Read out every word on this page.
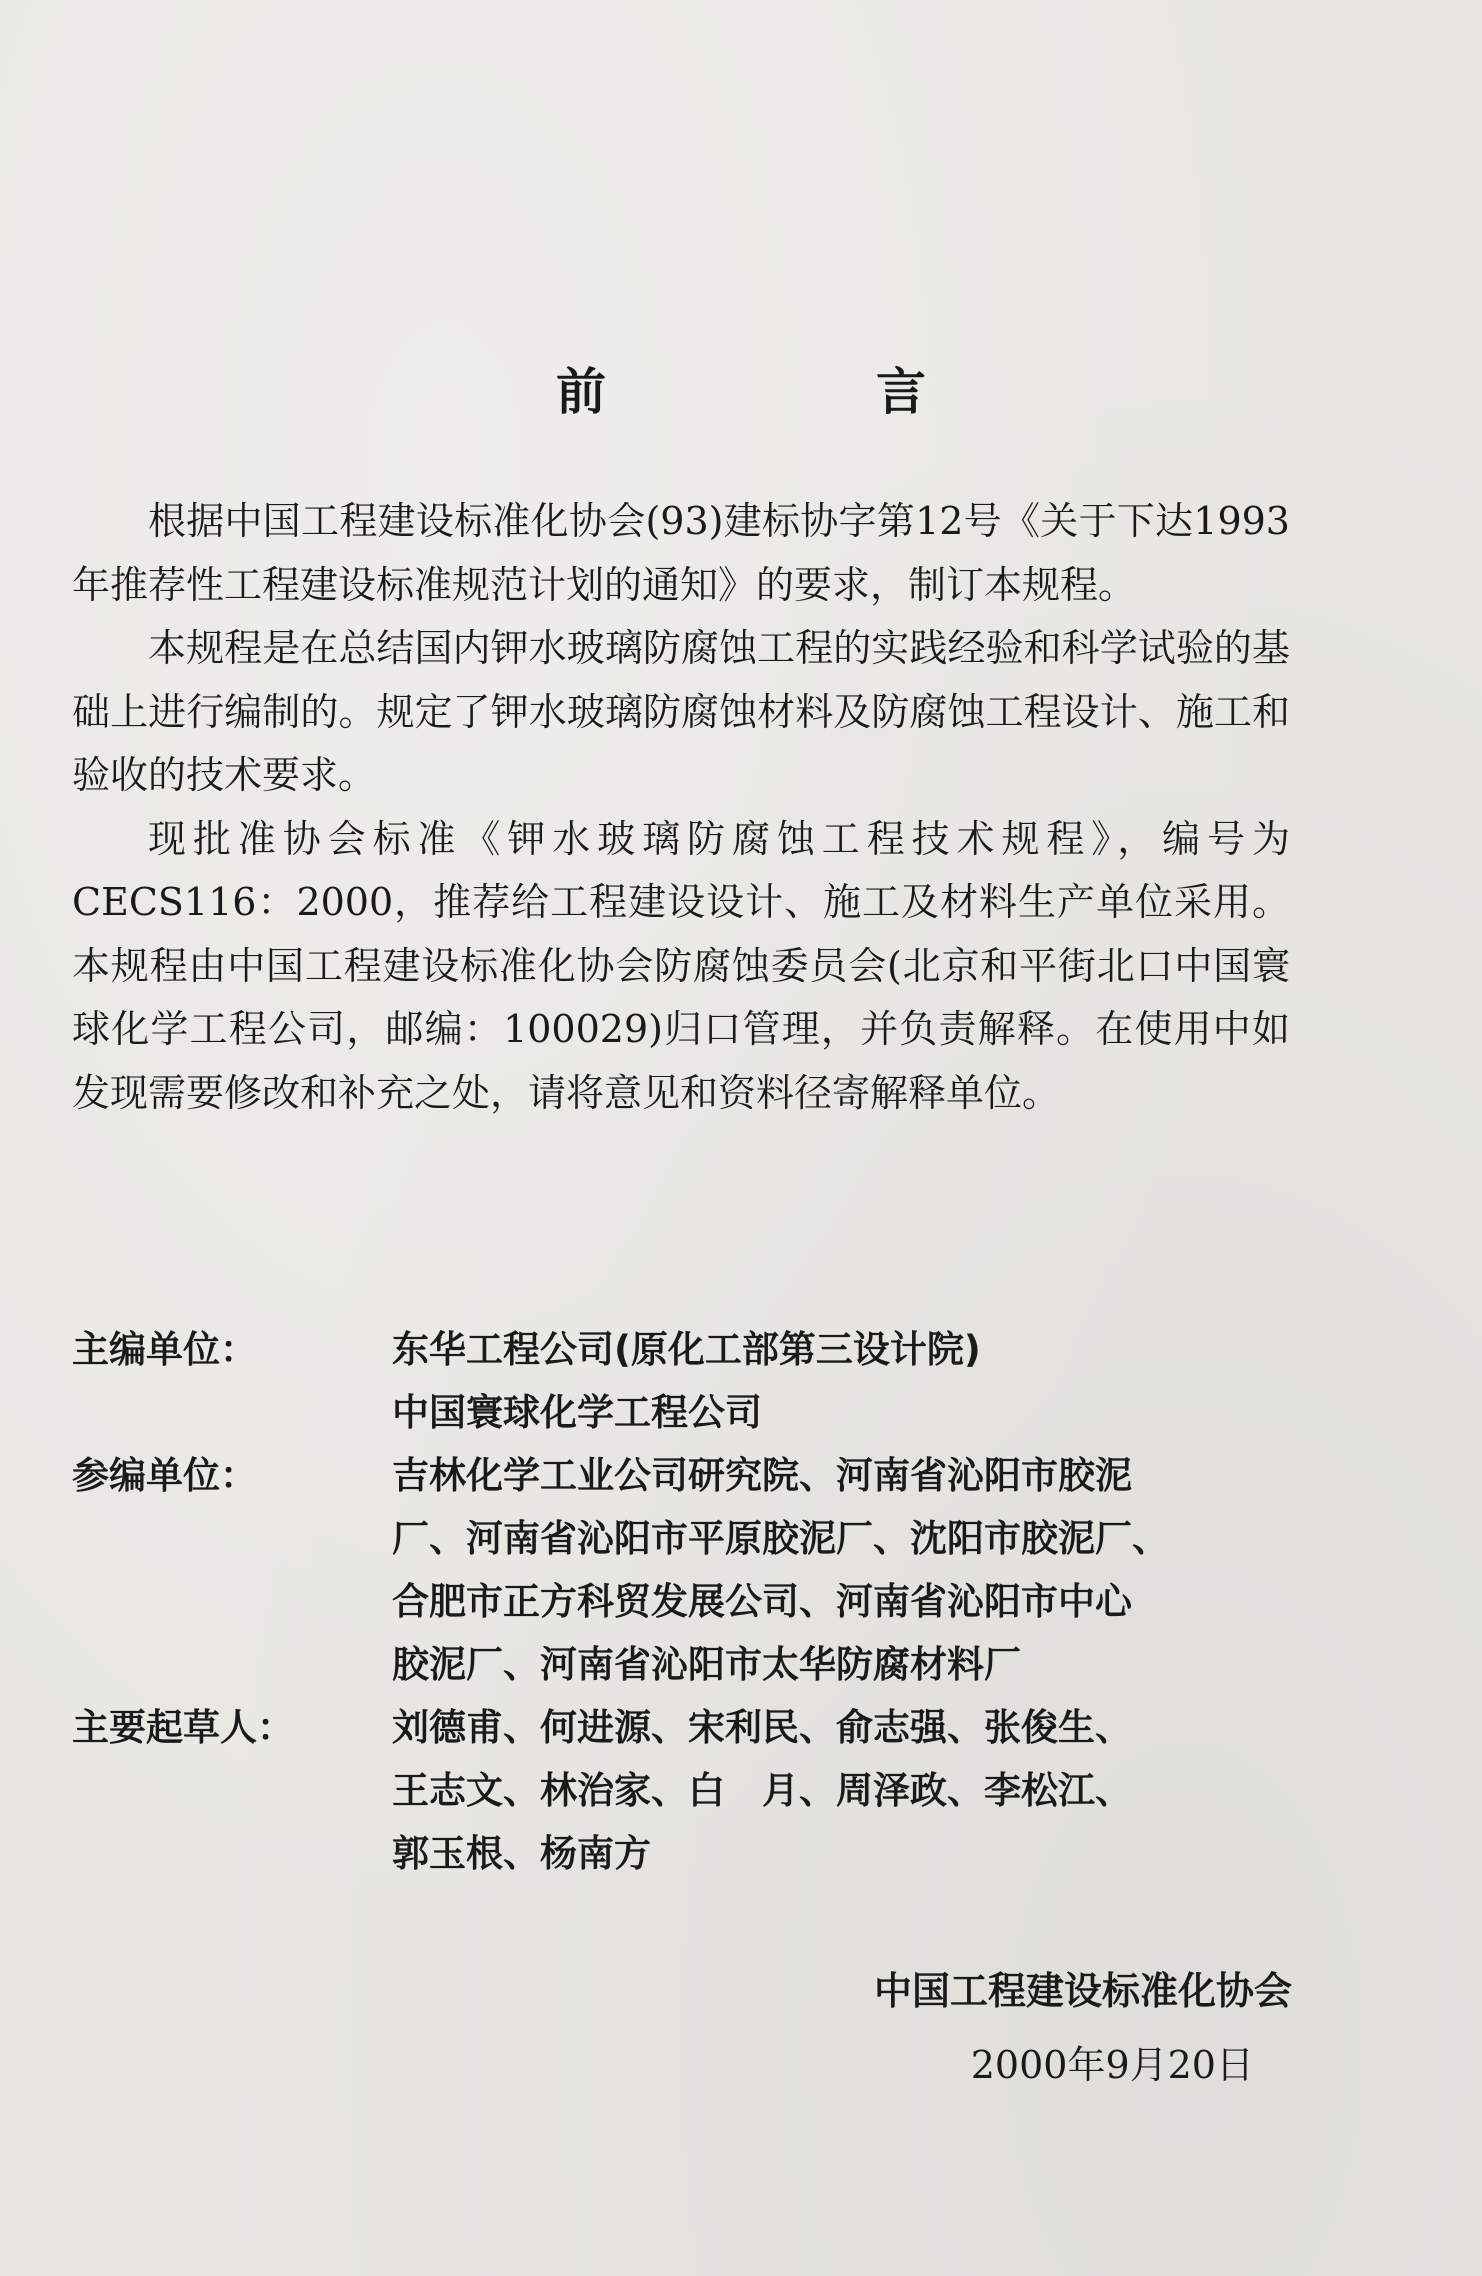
前　言

根据中国工程建设标准化协会(93)建标协字第12号《关于下达1993年推荐性工程建设标准规范计划的通知》的要求，制订本规程。

本规程是在总结国内钾水玻璃防腐蚀工程的实践经验和科学试验的基础上进行编制的。规定了钾水玻璃防腐蚀材料及防腐蚀工程设计、施工和验收的技术要求。

现批准协会标准《钾水玻璃防腐蚀工程技术规程》，编号为CECS116：2000，推荐给工程建设设计、施工及材料生产单位采用。本规程由中国工程建设标准化协会防腐蚀委员会(北京和平街北口中国寰球化学工程公司，邮编：100029)归口管理，并负责解释。在使用中如发现需要修改和补充之处，请将意见和资料径寄解释单位。

主编单位：	东华工程公司(原化工部第三设计院)
中国寰球化学工程公司
参编单位：	吉林化学工业公司研究院、河南省沁阳市胶泥
厂、河南省沁阳市平原胶泥厂、沈阳市胶泥厂、
合肥市正方科贸发展公司、河南省沁阳市中心
胶泥厂、河南省沁阳市太华防腐材料厂
主要起草人：	刘德甫、何进源、宋利民、俞志强、张俊生、
王志文、林治家、白　月、周泽政、李松江、
郭玉根、杨南方
中国工程建设标准化协会
2000年9月20日
